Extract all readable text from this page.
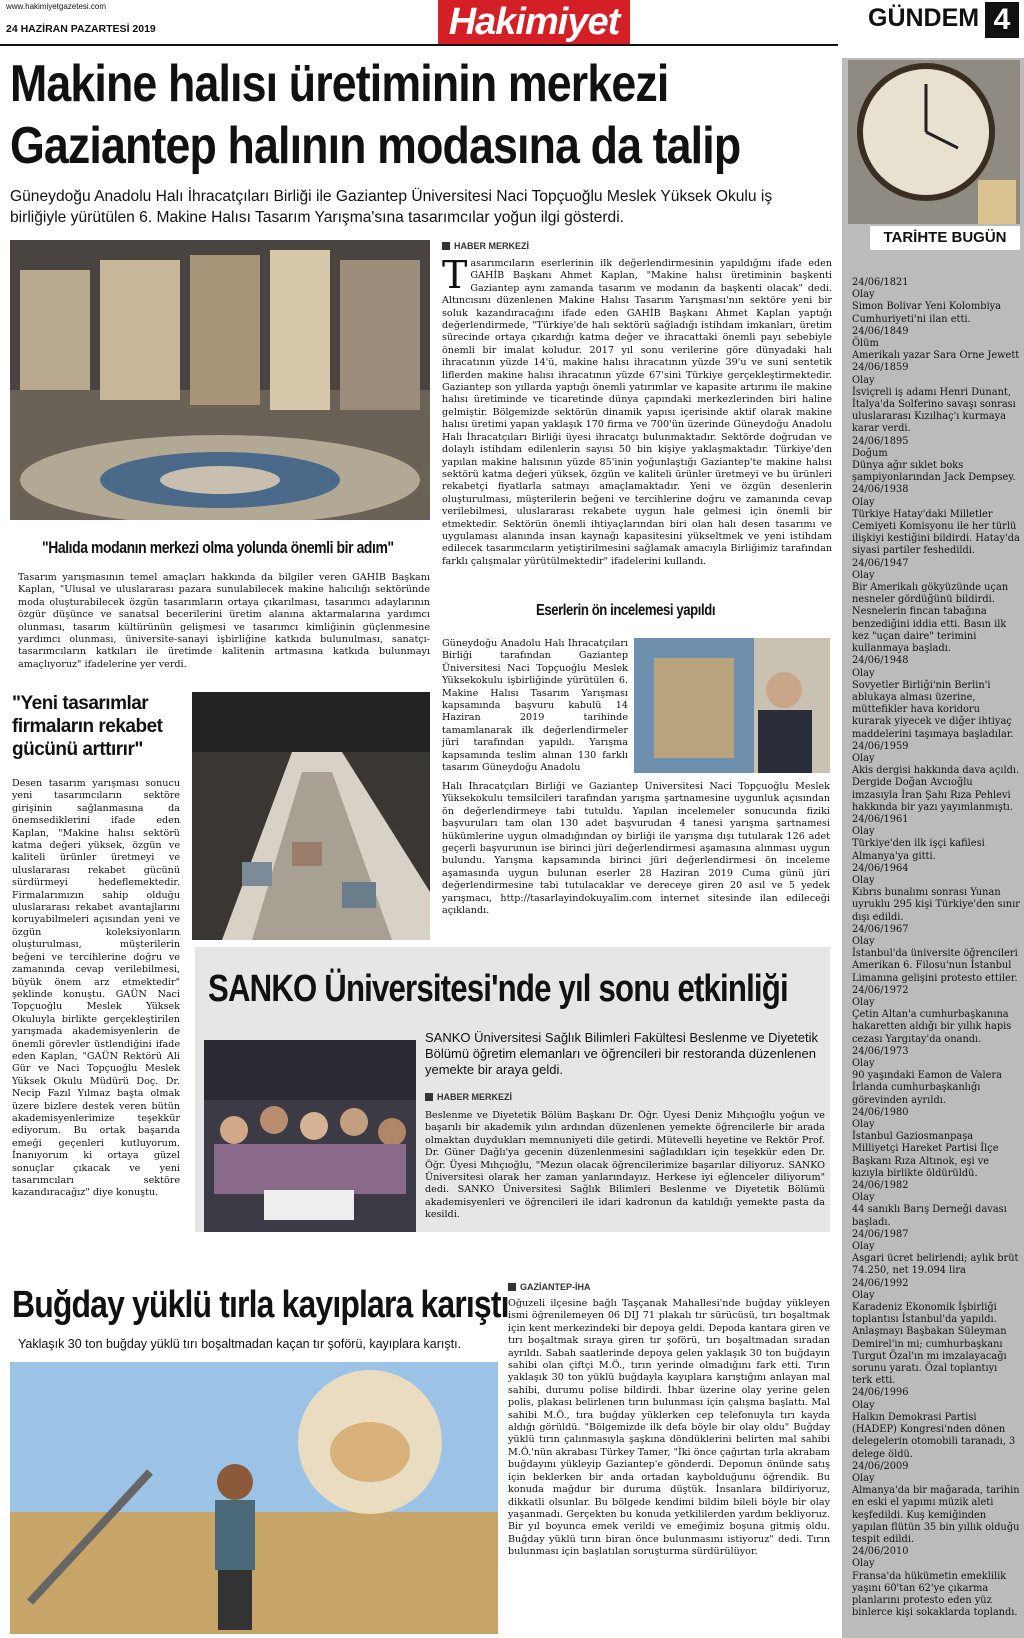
www.hakimiyetgazetesi.com
24 HAZİRAN PAZARTESİ 2019	Hakimiyet	GÜNDEM 4
Makine halısı üretiminin merkezi
Gaziantep halının modasına da talip
Güneydoğu Anadolu Halı İhracatçıları Birliği ile Gaziantep Üniversitesi Naci Topçuoğlu Meslek Yüksek Okulu iş birliğiyle yürütülen 6. Makine Halısı Tasarım Yarışma'sına tasarımcılar yoğun ilgi gösterdi.
HABER MERKEZİ
Tasarımcıların eserlerinin ilk değerlendirmesinin yapıldığını ifade eden GAHİB Başkanı Ahmet Kaplan, "Makine halısı üretiminin başkenti Gaziantep aynı zamanda tasarım ve modanın da başkenti olacak" dedi. Altıncısını düzenlenen Makine Halısı Tasarım Yarışması'nın sektöre yeni bir soluk kazandıracağını ifade eden GAHİB Başkanı Ahmet Kaplan yaptığı değerlendirmede, "Türkiye'de halı sektörü sağladığı istihdam imkanları, üretim sürecinde ortaya çıkardığı katma değer ve ihracattaki önemli payı sebebiyle önemli bir imalat koludur. 2017 yıl sonu verilerine göre dünyadaki halı ihracatının yüzde 14'ü, makine halısı ihracatının yüzde 39'u ve suni sentetik liflerden makine halısı ihracatının yüzde 67'sini Türkiye gerçekleştirmektedir. Gaziantep son yıllarda yaptığı önemli yatırımlar ve kapasite artırımı ile makine halısı üretiminde ve ticaretinde dünya çapındaki merkezlerinden biri haline gelmiştir. Bölgemizde sektörün dinamik yapısı içerisinde aktif olarak makine halısı üretimi yapan yaklaşık 170 firma ve 700'ün üzerinde Güneydoğu Anadolu Halı İhracatçıları Birliği üyesi ihracatçı bulunmaktadır. Sektörde doğrudan ve dolaylı istihdam edilenlerin sayısı 50 bin kişiye yaklaşmaktadır. Türkiye'den yapılan makine halısının yüzde 85'inin yoğunlaştığı Gaziantep'te makine halısı sektörü katma değeri yüksek, özgün ve kaliteli ürünler üretmeyi ve bu ürünleri rekabetçi fiyatlarla satmayı amaçlamaktadır. Yeni ve özgün desenlerin oluşturulması, müşterilerin beğeni ve tercihlerine doğru ve zamanında cevap verilebilmesi, uluslararası rekabete uygun hale gelmesi için önemli bir etmektedir. Sektörün önemli ihtiyaçlarından biri olan halı desen tasarımı ve uygulaması alanında insan kaynağı kapasitesini yükseltmek ve yeni istihdam edilecek tasarımcıların yetiştirilmesini sağlamak amacıyla Birliğimiz tarafından farklı çalışmalar yürütülmektedir" ifadelerini kullandı.
"Halıda modanın merkezi olma yolunda önemli bir adım"
Tasarım yarışmasının temel amaçları hakkında da bilgiler veren GAHİB Başkanı Kaplan, "Ulusal ve uluslararası pazara sunulabilecek makine halıcılığı sektöründe moda oluşturabilecek özgün tasarımların ortaya çıkarılması, tasarımcı adaylarının özgür düşünce ve sanatsal becerilerini üretim alanına aktarmalarına yardımcı olunması, tasarım kültürünün gelişmesi ve tasarımcı kimliğinin güçlenmesine yardımcı olunması, üniversite-sanayi işbirliğine katkıda bulunulması, sanatçı-tasarımcıların katkıları ile üretimde kalitenin artmasına katkıda bulunmayı amaçlıyoruz" ifadelerine yer verdi.
"Yeni tasarımlar firmaların rekabet gücünü arttırır"
Desen tasarım yarışması sonucu yeni tasarımcıların sektöre girişinin sağlanmasına da önemsediklerini ifade eden Kaplan, "Makine halısı sektörü katma değeri yüksek, özgün ve kaliteli ürünler üretmeyi ve uluslararası rekabet gücünü sürdürmeyi hedeflemektedir. Firmalarımızın sahip olduğu uluslararası rekabet avantajlarını koruyabilmeleri açısından yeni ve özgün koleksiyonların oluşturulması, müşterilerin beğeni ve tercihlerine doğru ve zamanında cevap verilebilmesi, büyük önem arz etmektedir" şeklinde konuştu. GAÜN Naci Topçuoğlu Meslek Yüksek Okuluyla birlikte gerçekleştirilen yarışmada akademisyenlerin de önemli görevler üstlendiğini ifade eden Kaplan, "GAÜN Rektörü Ali Gür ve Naci Topçuoğlu Meslek Yüksek Okulu Müdürü Doç. Dr. Necip Fazıl Yılmaz başta olmak üzere bizlere destek veren bütün akademisyenlerimize teşekkür ediyorum. Bu ortak başarıda emeği geçenleri kutluyorum. İnanıyorum ki ortaya güzel sonuçlar çıkacak ve yeni tasarımcıları sektöre kazandıracağız" diye konuştu.
Eserlerin ön incelemesi yapıldı
Güneydoğu Anadolu Halı İhracatçıları Birliği tarafından Gaziantep Üniversitesi Naci Topçuoğlu Meslek Yüksekokulu işbirliğinde yürütülen 6. Makine Halısı Tasarım Yarışması kapsamında başvuru kabulü 14 Haziran 2019 tarihinde tamamlanarak ilk değerlendirmeler jüri tarafından yapıldı. Yarışma kapsamında teslim alınan 130 farklı tasarım Güneydoğu Anadolu
Halı İhracatçıları Birliği ve Gaziantep Üniversitesi Naci Topçuoğlu Meslek Yüksekokulu temsilcileri tarafından yarışma şartnamesine uygunluk açısından ön değerlendirmeye tabi tutuldu. Yapılan incelemeler sonucunda fiziki başvuruları tam olan 130 adet başvurudan 4 tanesi yarışma şartnamesi hükümlerine uygun olmadığından oy birliği ile yarışma dışı tutularak 126 adet geçerli başvurunun ise birinci jüri değerlendirmesi aşamasına alınması uygun bulundu. Yarışma kapsamında birinci jüri değerlendirmesi ön inceleme aşamasında uygun bulunan eserler 28 Haziran 2019 Cuma günü jüri değerlendirmesine tabi tutulacaklar ve dereceye giren 20 asıl ve 5 yedek yarışmacı, http://tasarlayindokuyalim.com internet sitesinde ilan edileceği açıklandı.
SANKO Üniversitesi'nde yıl sonu etkinliği
SANKO Üniversitesi Sağlık Bilimleri Fakültesi Beslenme ve Diyetetik Bölümü öğretim elemanları ve öğrencileri bir restoranda düzenlenen yemekte bir araya geldi.
HABER MERKEZİ
Beslenme ve Diyetetik Bölüm Başkanı Dr. Öğr. Üyesi Deniz Mıhçıoğlu yoğun ve başarılı bir akademik yılın ardından düzenlenen yemekte öğrencilerle bir arada olmaktan duydukları memnuniyeti dile getirdi. Mütevelli heyetine ve Rektör Prof. Dr. Güner Dağlı'ya gecenin düzenlenmesini sağladıkları için teşekkür eden Dr. Öğr. Üyesi Mıhçıoğlu, "Mezun olacak öğrencilerimize başarılar diliyoruz. SANKO Üniversitesi olarak her zaman yanlarındayız. Herkese iyi eğlenceler diliyorum" dedi. SANKO Üniversitesi Sağlık Bilimleri Beslenme ve Diyetetik Bölümü akademisyenleri ve öğrencileri ile idari kadronun da katıldığı yemekte pasta da kesildi.
Buğday yüklü tırla kayıplara karıştı
Yaklaşık 30 ton buğday yüklü tırı boşaltmadan kaçan tır şoförü, kayıplara karıştı.
GAZİANTEP-İHA
Oğuzeli ilçesine bağlı Taşçanak Mahallesi'nde buğday yükleyen ismi öğrenilemeyen 06 DIJ 71 plakalı tır sürücüsü, tırı boşaltmak için kent merkezindeki bir depoya geldi. Depoda kantara giren ve tırı boşaltmak sıraya giren tır şoförü, tırı boşaltmadan sıradan ayrıldı. Sabah saatlerinde depoya gelen yaklaşık 30 ton buğdayın sahibi olan çiftçi M.Ö., tırın yerinde olmadığını fark etti. Tırın yaklaşık 30 ton yüklü buğdayla kayıplara karıştığını anlayan mal sahibi, durumu polise bildirdi. İhbar üzerine olay yerine gelen polis, plakası belirlenen tırın bulunması için çalışma başlattı. Mal sahibi M.Ö., tıra buğday yüklerken cep telefonuyla tırı kayda aldığı görüldü. "Bölgemizde ilk defa böyle bir olay oldu" Buğday yüklü tırın çalınmasıyla şaşkına döndüklerini belirten mal sahibi M.Ö.'nün akrabası Türkey Tamer, "İki önce çağırtan tırla akrabam buğdayını yükleyip Gaziantep'e gönderdi. Deponun önünde satış için beklerken bir anda ortadan kaybolduğunu öğrendik. Bu konuda mağdur bir duruma düştük. İnsanlara bildiriyoruz, dikkatli olsunlar. Bu bölgede kendimi bildim bileli böyle bir olay yaşanmadı. Gerçekten bu konuda yetkililerden yardım bekliyoruz. Bir yıl boyunca emek verildi ve emeğimiz boşuna gitmiş oldu. Buğday yüklü tırın biran önce bulunmasını istiyoruz" dedi. Tırın bulunması için başlatılan soruşturma sürdürülüyor.
TARİHTE BUGÜN

24/06/1821

Olay

Simon Bolivar Yeni Kolombiya Cumhuriyeti'ni ilan etti.

24/06/1849

Ölüm

Amerikalı yazar Sara Orne Jewett

24/06/1859

Olay

İsviçreli iş adamı Henri Dunant, İtalya'da Solferino savaşı sonrası uluslararası Kızılhaç'ı kurmaya karar verdi.

24/06/1895

Doğum

Dünya ağır sıklet boks şampiyonlarından Jack Dempsey.

24/06/1938

Olay

Türkiye Hatay'daki Milletler Cemiyeti Komisyonu ile her türlü ilişkiyi kestiğini bildirdi. Hatay'da siyasi partiler feshedildi.

24/06/1947

Olay

Bir Amerikalı gökyüzünde uçan nesneler gördüğünü bildirdi. Nesnelerin fincan tabağına benzediğini iddia etti. Basın ilk kez "uçan daire" terimini kullanmaya başladı.

24/06/1948

Olay

Sovyetler Birliği'nin Berlin'i ablukaya alması üzerine, müttefikler hava koridoru kurarak yiyecek ve diğer ihtiyaç maddelerini taşımaya başladılar.

24/06/1959

Olay

Akis dergisi hakkında dava açıldı. Dergide Doğan Avcıoğlu imzasıyla İran Şahı Rıza Pehlevi hakkında bir yazı yayımlanmıştı.

24/06/1961

Olay

Türkiye'den ilk işçi kafilesi Almanya'ya gitti.

24/06/1964

Olay

Kıbrıs bunalımı sonrası Yunan uyruklu 295 kişi Türkiye'den sınır dışı edildi.

24/06/1967

Olay

İstanbul'da üniversite öğrencileri Amerikan 6. Filosu'nun İstanbul Limanına gelişini protesto ettiler.

24/06/1972

Olay

Çetin Altan'a cumhurbaşkanına hakaretten aldığı bir yıllık hapis cezası Yargıtay'da onandı.

24/06/1973

Olay

90 yaşındaki Eamon de Valera İrlanda cumhurbaşkanlığı görevinden ayrıldı.

24/06/1980

Olay

İstanbul Gaziosmanpaşa Milliyetçi Hareket Partisi İlçe Başkanı Rıza Altınok, eşi ve kızıyla birlikte öldürüldü.

24/06/1982

Olay

44 sanıklı Barış Derneği davası başladı.

24/06/1987

Olay

Asgari ücret belirlendi; aylık brüt 74.250, net 19.094 lira

24/06/1992

Olay

Karadeniz Ekonomik İşbirliği toplantısı İstanbul'da yapıldı. Anlaşmayı Başbakan Süleyman Demirel'in mi; cumhurbaşkanı Turgut Özal'ın mı imzalayacağı sorunu yaratı. Özal toplantıyı terk etti.

24/06/1996

Olay

Halkın Demokrasi Partisi (HADEP) Kongresi'nden dönen delegelerin otomobili taranadı, 3 delege öldü.

24/06/2009

Olay

Almanya'da bir mağarada, tarihin en eski el yapımı müzik aleti keşfedildi. Kuş kemiğinden yapılan flütün 35 bin yıllık olduğu tespit edildi.

24/06/2010

Olay

Fransa'da hükümetin emeklilik yaşını 60'tan 62'ye çıkarma planlarını protesto eden yüz binlerce kişi sokaklarda toplandı.
